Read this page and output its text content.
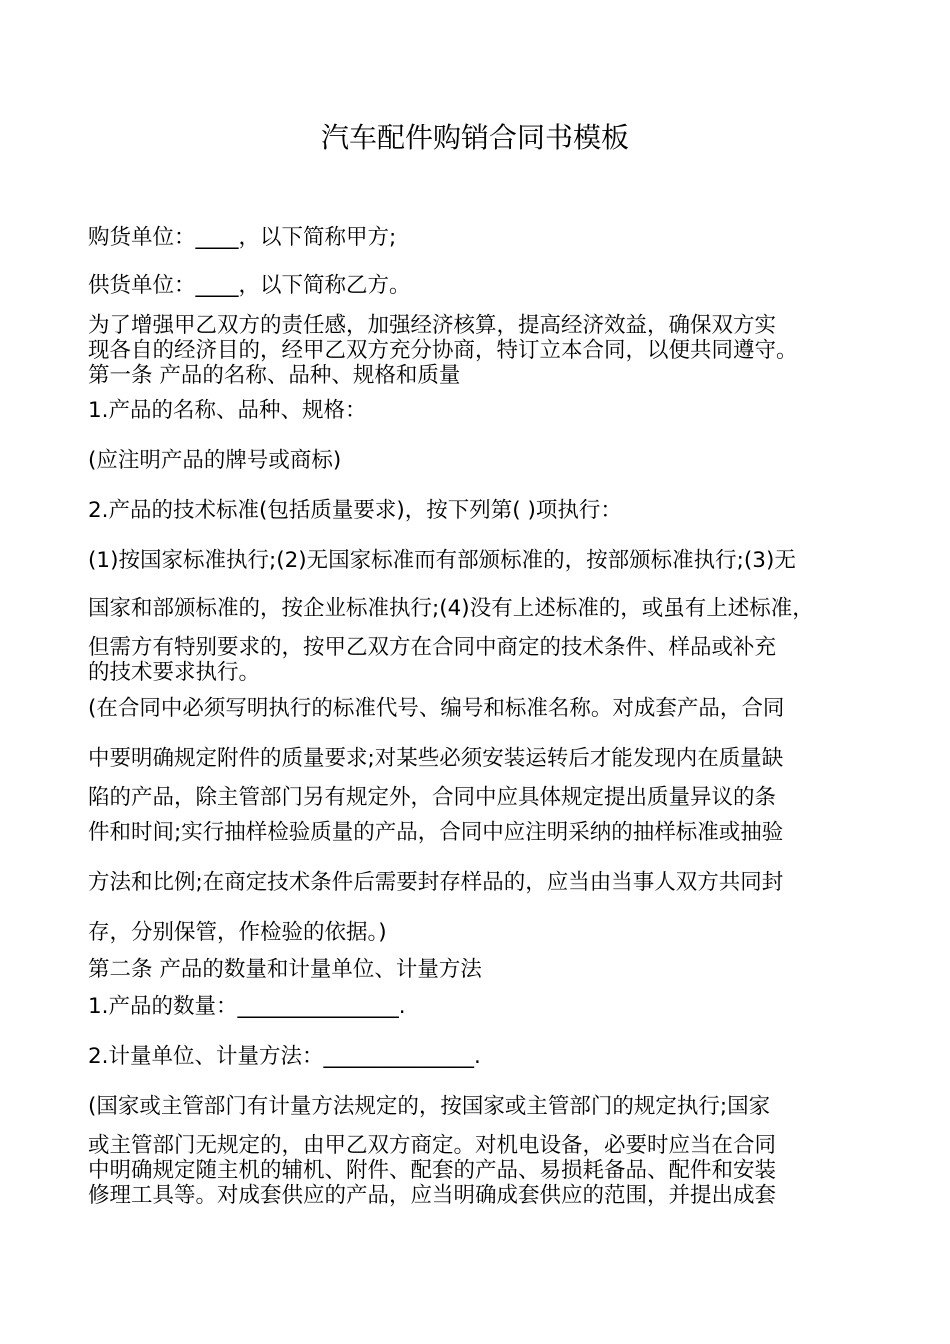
汽车配件购销合同书模板
购货单位：____，以下简称甲方;
供货单位：____，以下简称乙方。
为了增强甲乙双方的责任感，加强经济核算，提高经济效益，确保双方实
现各自的经济目的，经甲乙双方充分协商，特订立本合同，以便共同遵守。
第一条 产品的名称、品种、规格和质量
1.产品的名称、品种、规格：
(应注明产品的牌号或商标)
2.产品的技术标准(包括质量要求)，按下列第( )项执行：
(1)按国家标准执行;(2)无国家标准而有部颁标准的，按部颁标准执行;(3)无
国家和部颁标准的，按企业标准执行;(4)没有上述标准的，或虽有上述标准，
但需方有特别要求的，按甲乙双方在合同中商定的技术条件、样品或补充
的技术要求执行。
(在合同中必须写明执行的标准代号、编号和标准名称。对成套产品，合同
中要明确规定附件的质量要求;对某些必须安装运转后才能发现内在质量缺
陷的产品，除主管部门另有规定外，合同中应具体规定提出质量异议的条
件和时间;实行抽样检验质量的产品，合同中应注明采纳的抽样标准或抽验
方法和比例;在商定技术条件后需要封存样品的，应当由当事人双方共同封
存，分别保管，作检验的依据。)
第二条 产品的数量和计量单位、计量方法
1.产品的数量：_______________.
2.计量单位、计量方法：______________.
(国家或主管部门有计量方法规定的，按国家或主管部门的规定执行;国家
或主管部门无规定的，由甲乙双方商定。对机电设备，必要时应当在合同
中明确规定随主机的辅机、附件、配套的产品、易损耗备品、配件和安装
修理工具等。对成套供应的产品，应当明确成套供应的范围，并提出成套
